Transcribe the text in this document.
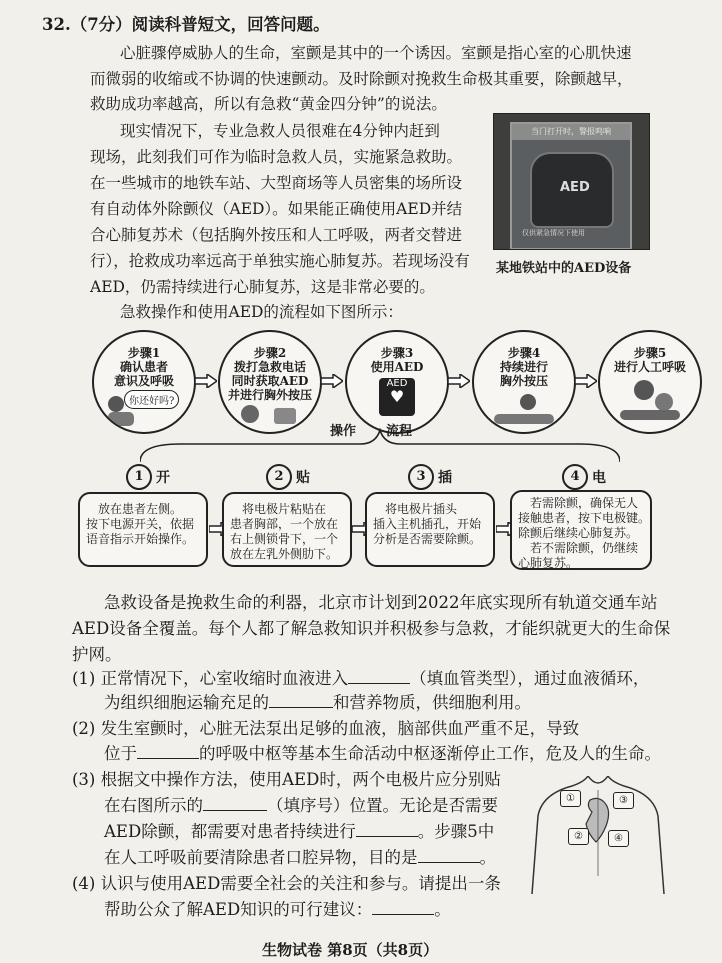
32.（7分）阅读科普短文，回答问题。
心脏骤停威胁人的生命，室颤是其中的一个诱因。室颤是指心室的心肌快速
而微弱的收缩或不协调的快速颤动。及时除颤对挽救生命极其重要，除颤越早，
救助成功率越高，所以有急救“黄金四分钟”的说法。
现实情况下，专业急救人员很难在4分钟内赶到
现场，此刻我们可作为临时急救人员，实施紧急救助。
在一些城市的地铁车站、大型商场等人员密集的场所设
有自动体外除颤仪（AED）。如果能正确使用AED并结
合心肺复苏术（包括胸外按压和人工呼吸，两者交替进
行），抢救成功率远高于单独实施心肺复苏。若现场没有
AED，仍需持续进行心肺复苏，这是非常必要的。
急救操作和使用AED的流程如下图所示：
当门打开时，警报鸣响
AED
仅供紧急情况下使用
某地铁站中的AED设备
步骤1
确认患者
意识及呼吸
你还好吗?
步骤2
拨打急救电话
同时获取AED
并进行胸外按压
步骤3
使用AED
AED
♥
步骤4
持续进行
胸外按压
步骤5
进行人工呼吸
操作 流程
1 开	2 贴	3 插	4 电
放在患者左侧。
按下电源开关，依据
语音指示开始操作。
将电极片粘贴在
患者胸部，一个放在
右上侧锁骨下，一个
放在左乳外侧肋下。
将电极片插头
插入主机插孔，开始
分析是否需要除颤。
若需除颤，确保无人
接触患者，按下电极键。
除颤后继续心肺复苏。
若不需除颤，仍继续
心肺复苏。
急救设备是挽救生命的利器，北京市计划到2022年底实现所有轨道交通车站
AED设备全覆盖。每个人都了解急救知识并积极参与急救，才能织就更大的生命保
护网。
(1) 正常情况下，心室收缩时血液进入	（填血管类型），通过血液循环，
为组织细胞运输充足的	和营养物质，供细胞利用。
(2) 发生室颤时，心脏无法泵出足够的血液，脑部供血严重不足，导致
位于	的呼吸中枢等基本生命活动中枢逐渐停止工作，危及人的生命。
(3) 根据文中操作方法，使用AED时，两个电极片应分别贴
在右图所示的	（填序号）位置。无论是否需要
AED除颤，都需要对患者持续进行	。步骤5中
在人工呼吸前要清除患者口腔异物，目的是	。
①
②
③
④
(4) 认识与使用AED需要全社会的关注和参与。请提出一条
帮助公众了解AED知识的可行建议：	。
生物试卷 第8页（共8页）
